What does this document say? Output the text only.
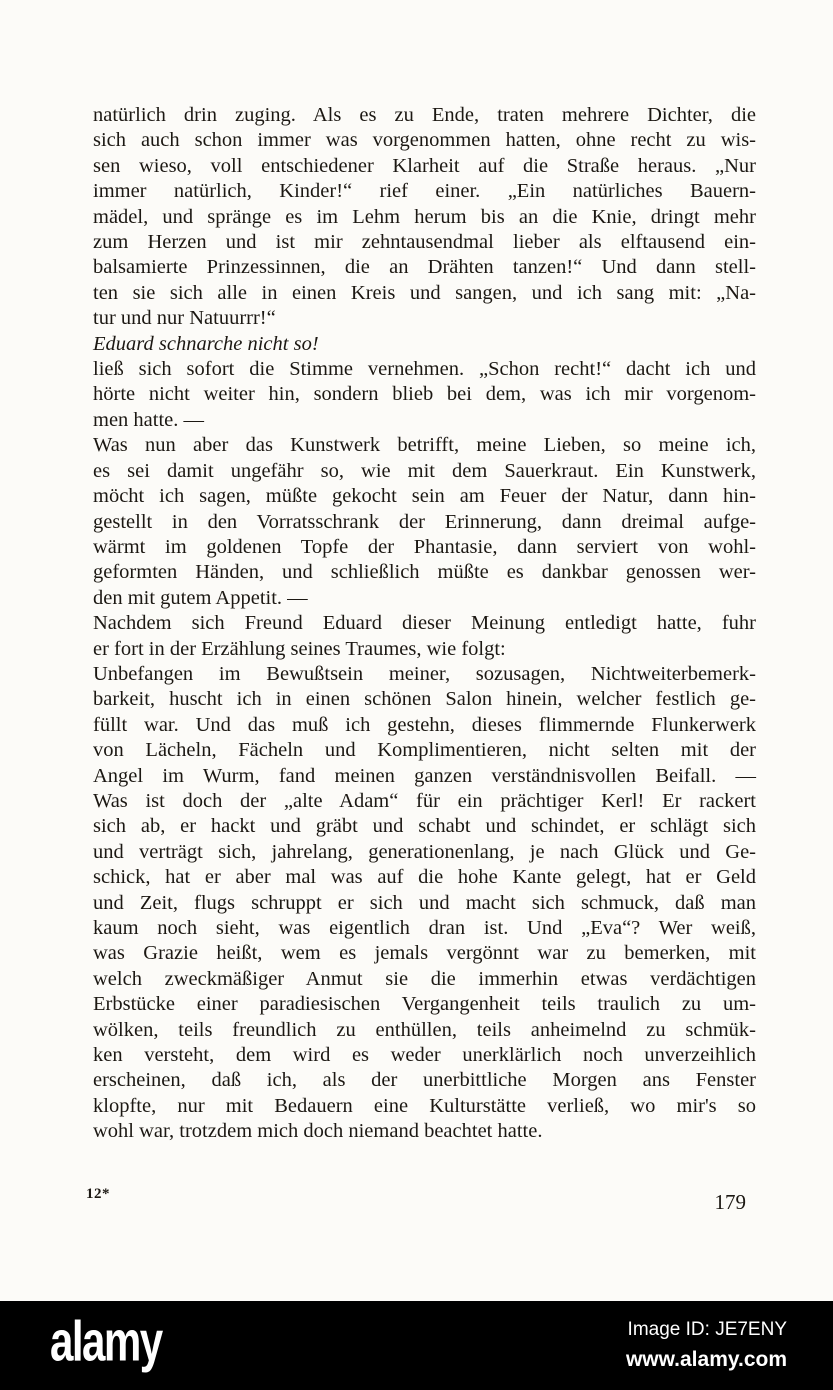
natürlich drin zuging. Als es zu Ende, traten mehrere Dichter, die
sich auch schon immer was vorgenommen hatten, ohne recht zu wis-
sen wieso, voll entschiedener Klarheit auf die Straße heraus. „Nur
immer natürlich, Kinder!“ rief einer. „Ein natürliches Bauern-
mädel, und spränge es im Lehm herum bis an die Knie, dringt mehr
zum Herzen und ist mir zehntausendmal lieber als elftausend ein-
balsamierte Prinzessinnen, die an Drähten tanzen!“ Und dann stell-
ten sie sich alle in einen Kreis und sangen, und ich sang mit: „Na-
tur und nur Natuurrr!“
Eduard schnarche nicht so!
ließ sich sofort die Stimme vernehmen. „Schon recht!“ dacht ich und
hörte nicht weiter hin, sondern blieb bei dem, was ich mir vorgenom-
men hatte. —
Was nun aber das Kunstwerk betrifft, meine Lieben, so meine ich,
es sei damit ungefähr so, wie mit dem Sauerkraut. Ein Kunstwerk,
möcht ich sagen, müßte gekocht sein am Feuer der Natur, dann hin-
gestellt in den Vorratsschrank der Erinnerung, dann dreimal aufge-
wärmt im goldenen Topfe der Phantasie, dann serviert von wohl-
geformten Händen, und schließlich müßte es dankbar genossen wer-
den mit gutem Appetit. —
Nachdem sich Freund Eduard dieser Meinung entledigt hatte, fuhr
er fort in der Erzählung seines Traumes, wie folgt:
Unbefangen im Bewußtsein meiner, sozusagen, Nichtweiterbemerk-
barkeit, huscht ich in einen schönen Salon hinein, welcher festlich ge-
füllt war. Und das muß ich gestehn, dieses flimmernde Flunkerwerk
von Lächeln, Fächeln und Komplimentieren, nicht selten mit der
Angel im Wurm, fand meinen ganzen verständnisvollen Beifall. —
Was ist doch der „alte Adam“ für ein prächtiger Kerl! Er rackert
sich ab, er hackt und gräbt und schabt und schindet, er schlägt sich
und verträgt sich, jahrelang, generationenlang, je nach Glück und Ge-
schick, hat er aber mal was auf die hohe Kante gelegt, hat er Geld
und Zeit, flugs schruppt er sich und macht sich schmuck, daß man
kaum noch sieht, was eigentlich dran ist. Und „Eva“? Wer weiß,
was Grazie heißt, wem es jemals vergönnt war zu bemerken, mit
welch zweckmäßiger Anmut sie die immerhin etwas verdächtigen
Erbstücke einer paradiesischen Vergangenheit teils traulich zu um-
wölken, teils freundlich zu enthüllen, teils anheimelnd zu schmük-
ken versteht, dem wird es weder unerklärlich noch unverzeihlich
erscheinen, daß ich, als der unerbittliche Morgen ans Fenster
klopfte, nur mit Bedauern eine Kulturstätte verließ, wo mir's so
wohl war, trotzdem mich doch niemand beachtet hatte.
12*	179
alamy	Image ID: JE7ENY
www.alamy.com
